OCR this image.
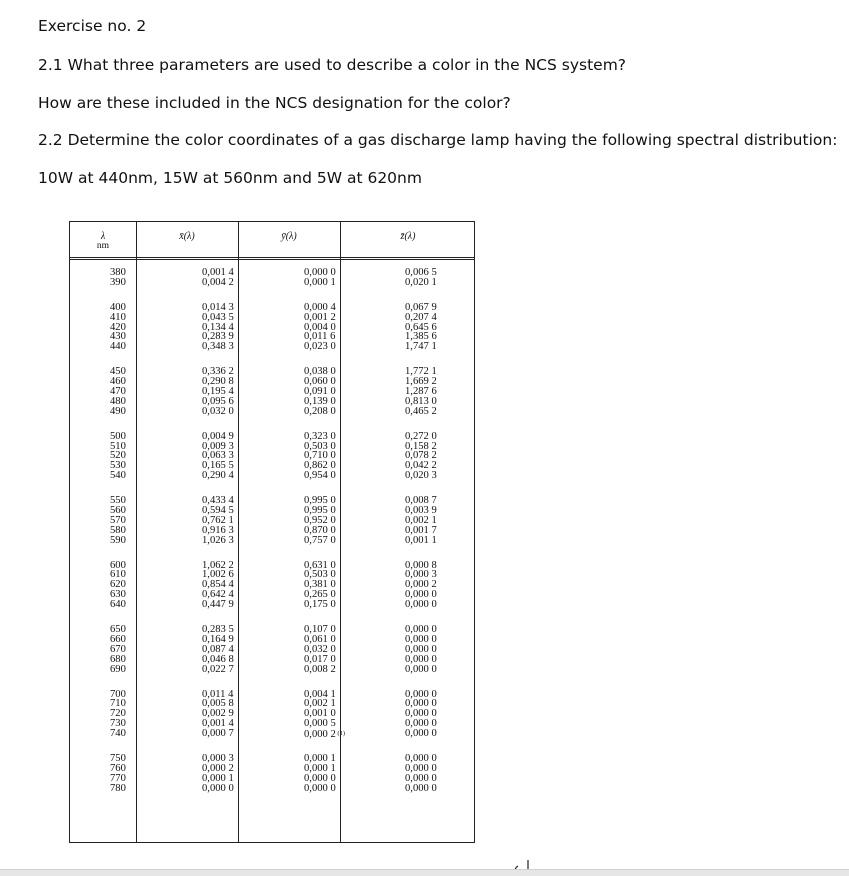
Exercise no. 2

2.1 What three parameters are used to describe a color in the NCS system?

How are these included in the NCS designation for the color?

2.2 Determine the color coordinates of a gas discharge lamp having the following spectral distribution:

10W at 440nm, 15W at 560nm and 5W at 620nm

λ
nm
x̄(λ)	ȳ(λ)	z̄(λ)
380
390
400
410
420
430
440
450
460
470
480
490
500
510
520
530
540
550
560
570
580
590
600
610
620
630
640
650
660
670
680
690
700
710
720
730
740
750
760
770
780
0,001 4
0,004 2
0,014 3
0,043 5
0,134 4
0,283 9
0,348 3
0,336 2
0,290 8
0,195 4
0,095 6
0,032 0
0,004 9
0,009 3
0,063 3
0,165 5
0,290 4
0,433 4
0,594 5
0,762 1
0,916 3
1,026 3
1,062 2
1,002 6
0,854 4
0,642 4
0,447 9
0,283 5
0,164 9
0,087 4
0,046 8
0,022 7
0,011 4
0,005 8
0,002 9
0,001 4
0,000 7
0,000 3
0,000 2
0,000 1
0,000 0
0,000 0
0,000 1
0,000 4
0,001 2
0,004 0
0,011 6
0,023 0
0,038 0
0,060 0
0,091 0
0,139 0
0,208 0
0,323 0
0,503 0
0,710 0
0,862 0
0,954 0
0,995 0
0,995 0
0,952 0
0,870 0
0,757 0
0,631 0
0,503 0
0,381 0
0,265 0
0,175 0
0,107 0
0,061 0
0,032 0
0,017 0
0,008 2
0,004 1
0,002 1
0,001 0
0,000 5
0,000 2 (1)
0,000 1
0,000 1
0,000 0
0,000 0
0,006 5
0,020 1
0,067 9
0,207 4
0,645 6
1,385 6
1,747 1
1,772 1
1,669 2
1,287 6
0,813 0
0,465 2
0,272 0
0,158 2
0,078 2
0,042 2
0,020 3
0,008 7
0,003 9
0,002 1
0,001 7
0,001 1
0,000 8
0,000 3
0,000 2
0,000 0
0,000 0
0,000 0
0,000 0
0,000 0
0,000 0
0,000 0
0,000 0
0,000 0
0,000 0
0,000 0
0,000 0
0,000 0
0,000 0
0,000 0
0,000 0
